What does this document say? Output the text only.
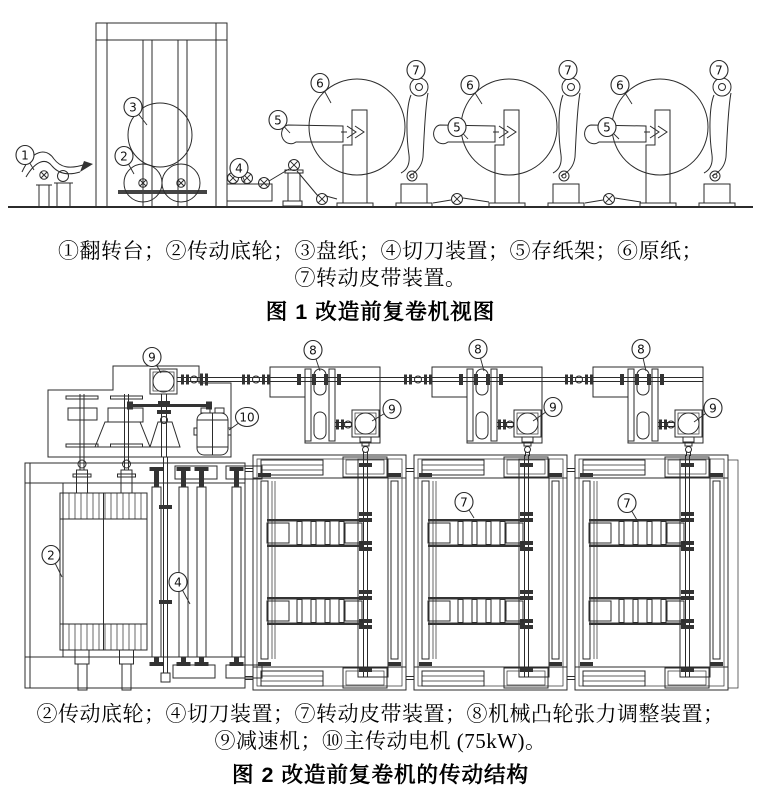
1
3
2
4
5
6
7
5
6
7
5
6
7
①翻转台；②传动底轮；③盘纸；④切刀装置；⑤存纸架；⑥原纸；
⑦转动皮带装置。
图 1 改造前复卷机视图
9
10
8	8	8
9	9	9
2
4
7	7
②传动底轮；④切刀装置；⑦转动皮带装置；⑧机械凸轮张力调整装置；
⑨减速机；⑩主传动电机 (75kW)。
图 2 改造前复卷机的传动结构
